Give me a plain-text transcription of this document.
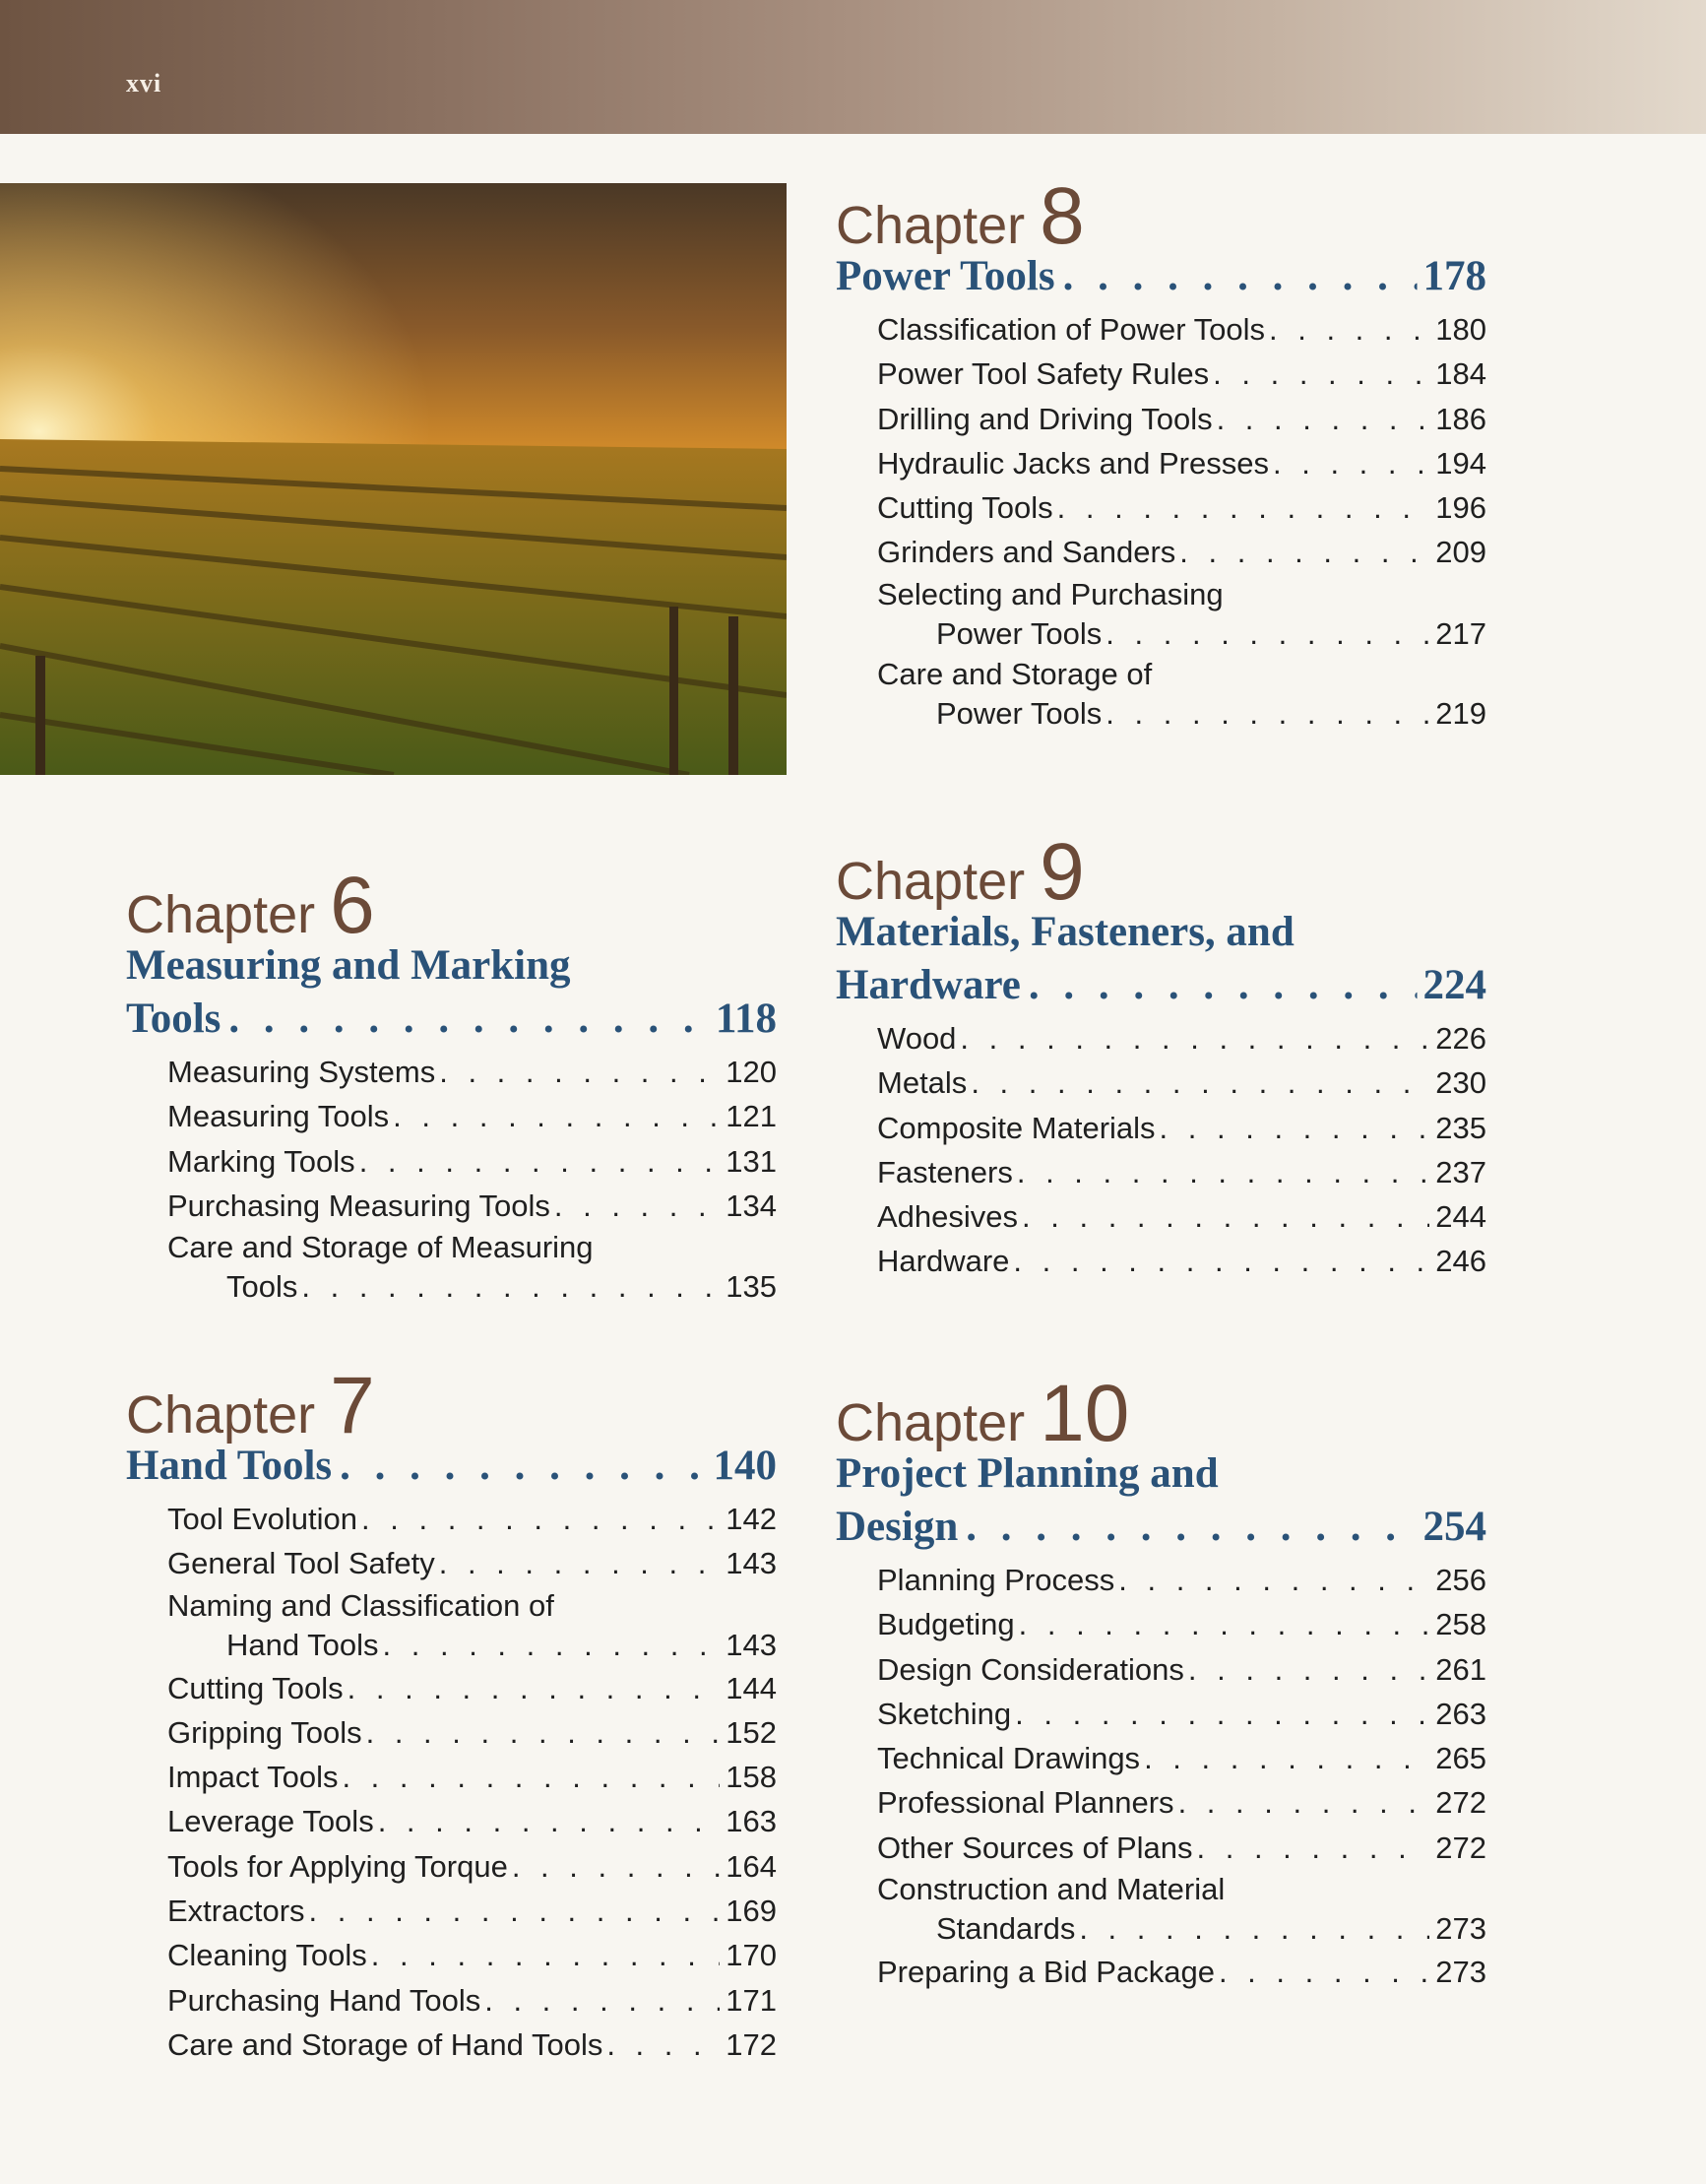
xvi
Chapter 8
Power Tools . . .	178
Classification of Power Tools . . .	180
Power Tool Safety Rules . . .	184
Drilling and Driving Tools . . .	186
Hydraulic Jacks and Presses . . .	194
Cutting Tools . . .	196
Grinders and Sanders . . .	209
Selecting and Purchasing
Power Tools . . .	217
Care and Storage of
Power Tools . . .	219
Chapter 6
Measuring and Marking
Tools . . .	118
Measuring Systems . . .	120
Measuring Tools . . .	121
Marking Tools . . .	131
Purchasing Measuring Tools . . .	134
Care and Storage of Measuring
Tools . . .	135
Chapter 9
Materials, Fasteners, and
Hardware . . .	224
Wood . . .	226
Metals . . .	230
Composite Materials . . .	235
Fasteners . . .	237
Adhesives . . .	244
Hardware . . .	246
Chapter 7
Hand Tools . . .	140
Tool Evolution . . .	142
General Tool Safety . . .	143
Naming and Classification of
Hand Tools . . .	143
Cutting Tools . . .	144
Gripping Tools . . .	152
Impact Tools . . .	158
Leverage Tools . . .	163
Tools for Applying Torque . . .	164
Extractors . . .	169
Cleaning Tools . . .	170
Purchasing Hand Tools . . .	171
Care and Storage of Hand Tools . . .	172
Chapter 10
Project Planning and
Design . . .	254
Planning Process . . .	256
Budgeting . . .	258
Design Considerations . . .	261
Sketching . . .	263
Technical Drawings . . .	265
Professional Planners . . .	272
Other Sources of Plans . . .	272
Construction and Material
Standards . . .	273
Preparing a Bid Package . . .	273
